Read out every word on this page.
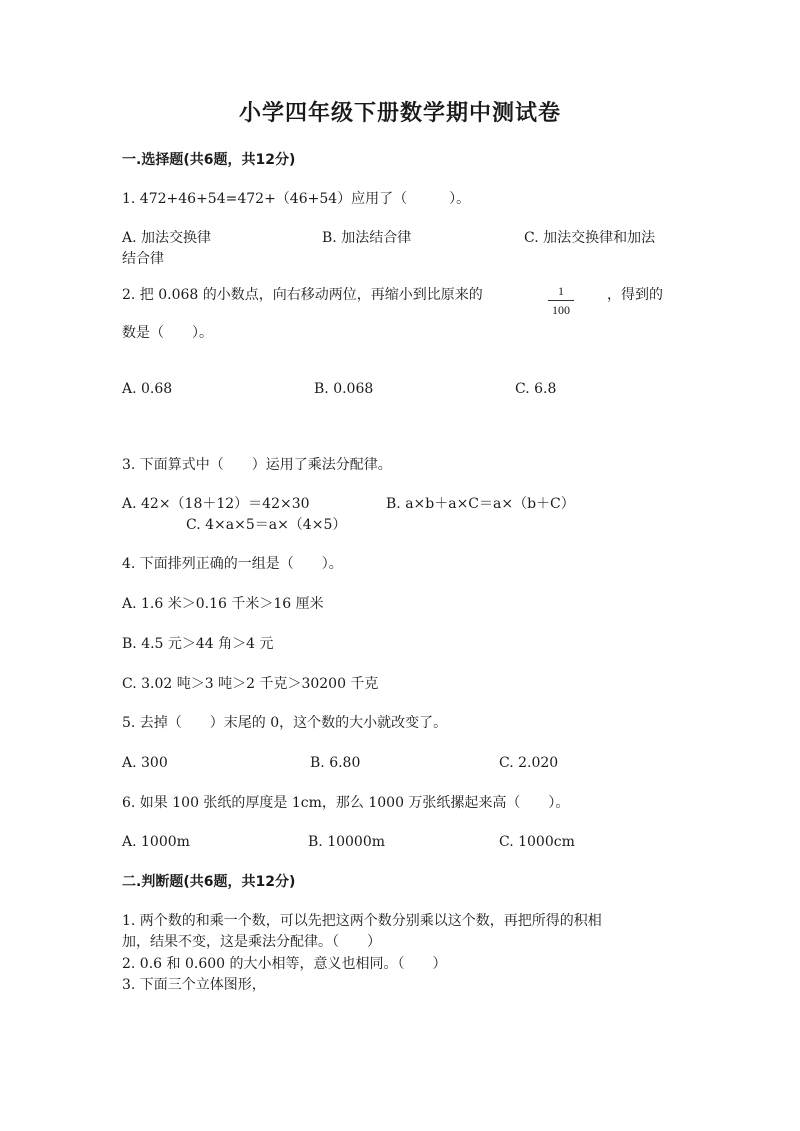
小学四年级下册数学期中测试卷
一.选择题(共6题，共12分)
1. 472+46+54=472+（46+54）应用了（　　　）。
A. 加法交换律	B. 加法结合律	C. 加法交换律和加法
结合律
2. 把 0.068 的小数点，向右移动两位，再缩小到比原来的	1
100
，得到的
数是（　　）。
A. 0.68	B. 0.068	C. 6.8
3. 下面算式中（　　）运用了乘法分配律。
A. 42×（18＋12）＝42×30	B. a×b＋a×C＝a×（b＋C）
C. 4×a×5＝a×（4×5）
4. 下面排列正确的一组是（　　）。
A. 1.6 米＞0.16 千米＞16 厘米
B. 4.5 元＞44 角＞4 元
C. 3.02 吨＞3 吨＞2 千克＞30200 千克
5. 去掉（　　）末尾的 0，这个数的大小就改变了。
A. 300	B. 6.80	C. 2.020
6. 如果 100 张纸的厚度是 1cm，那么 1000 万张纸摞起来高（　　）。
A. 1000m	B. 10000m	C. 1000cm
二.判断题(共6题，共12分)
1. 两个数的和乘一个数，可以先把这两个数分别乘以这个数，再把所得的积相
加，结果不变，这是乘法分配律。（　　）
2. 0.6 和 0.600 的大小相等，意义也相同。（　　）
3. 下面三个立体图形，
